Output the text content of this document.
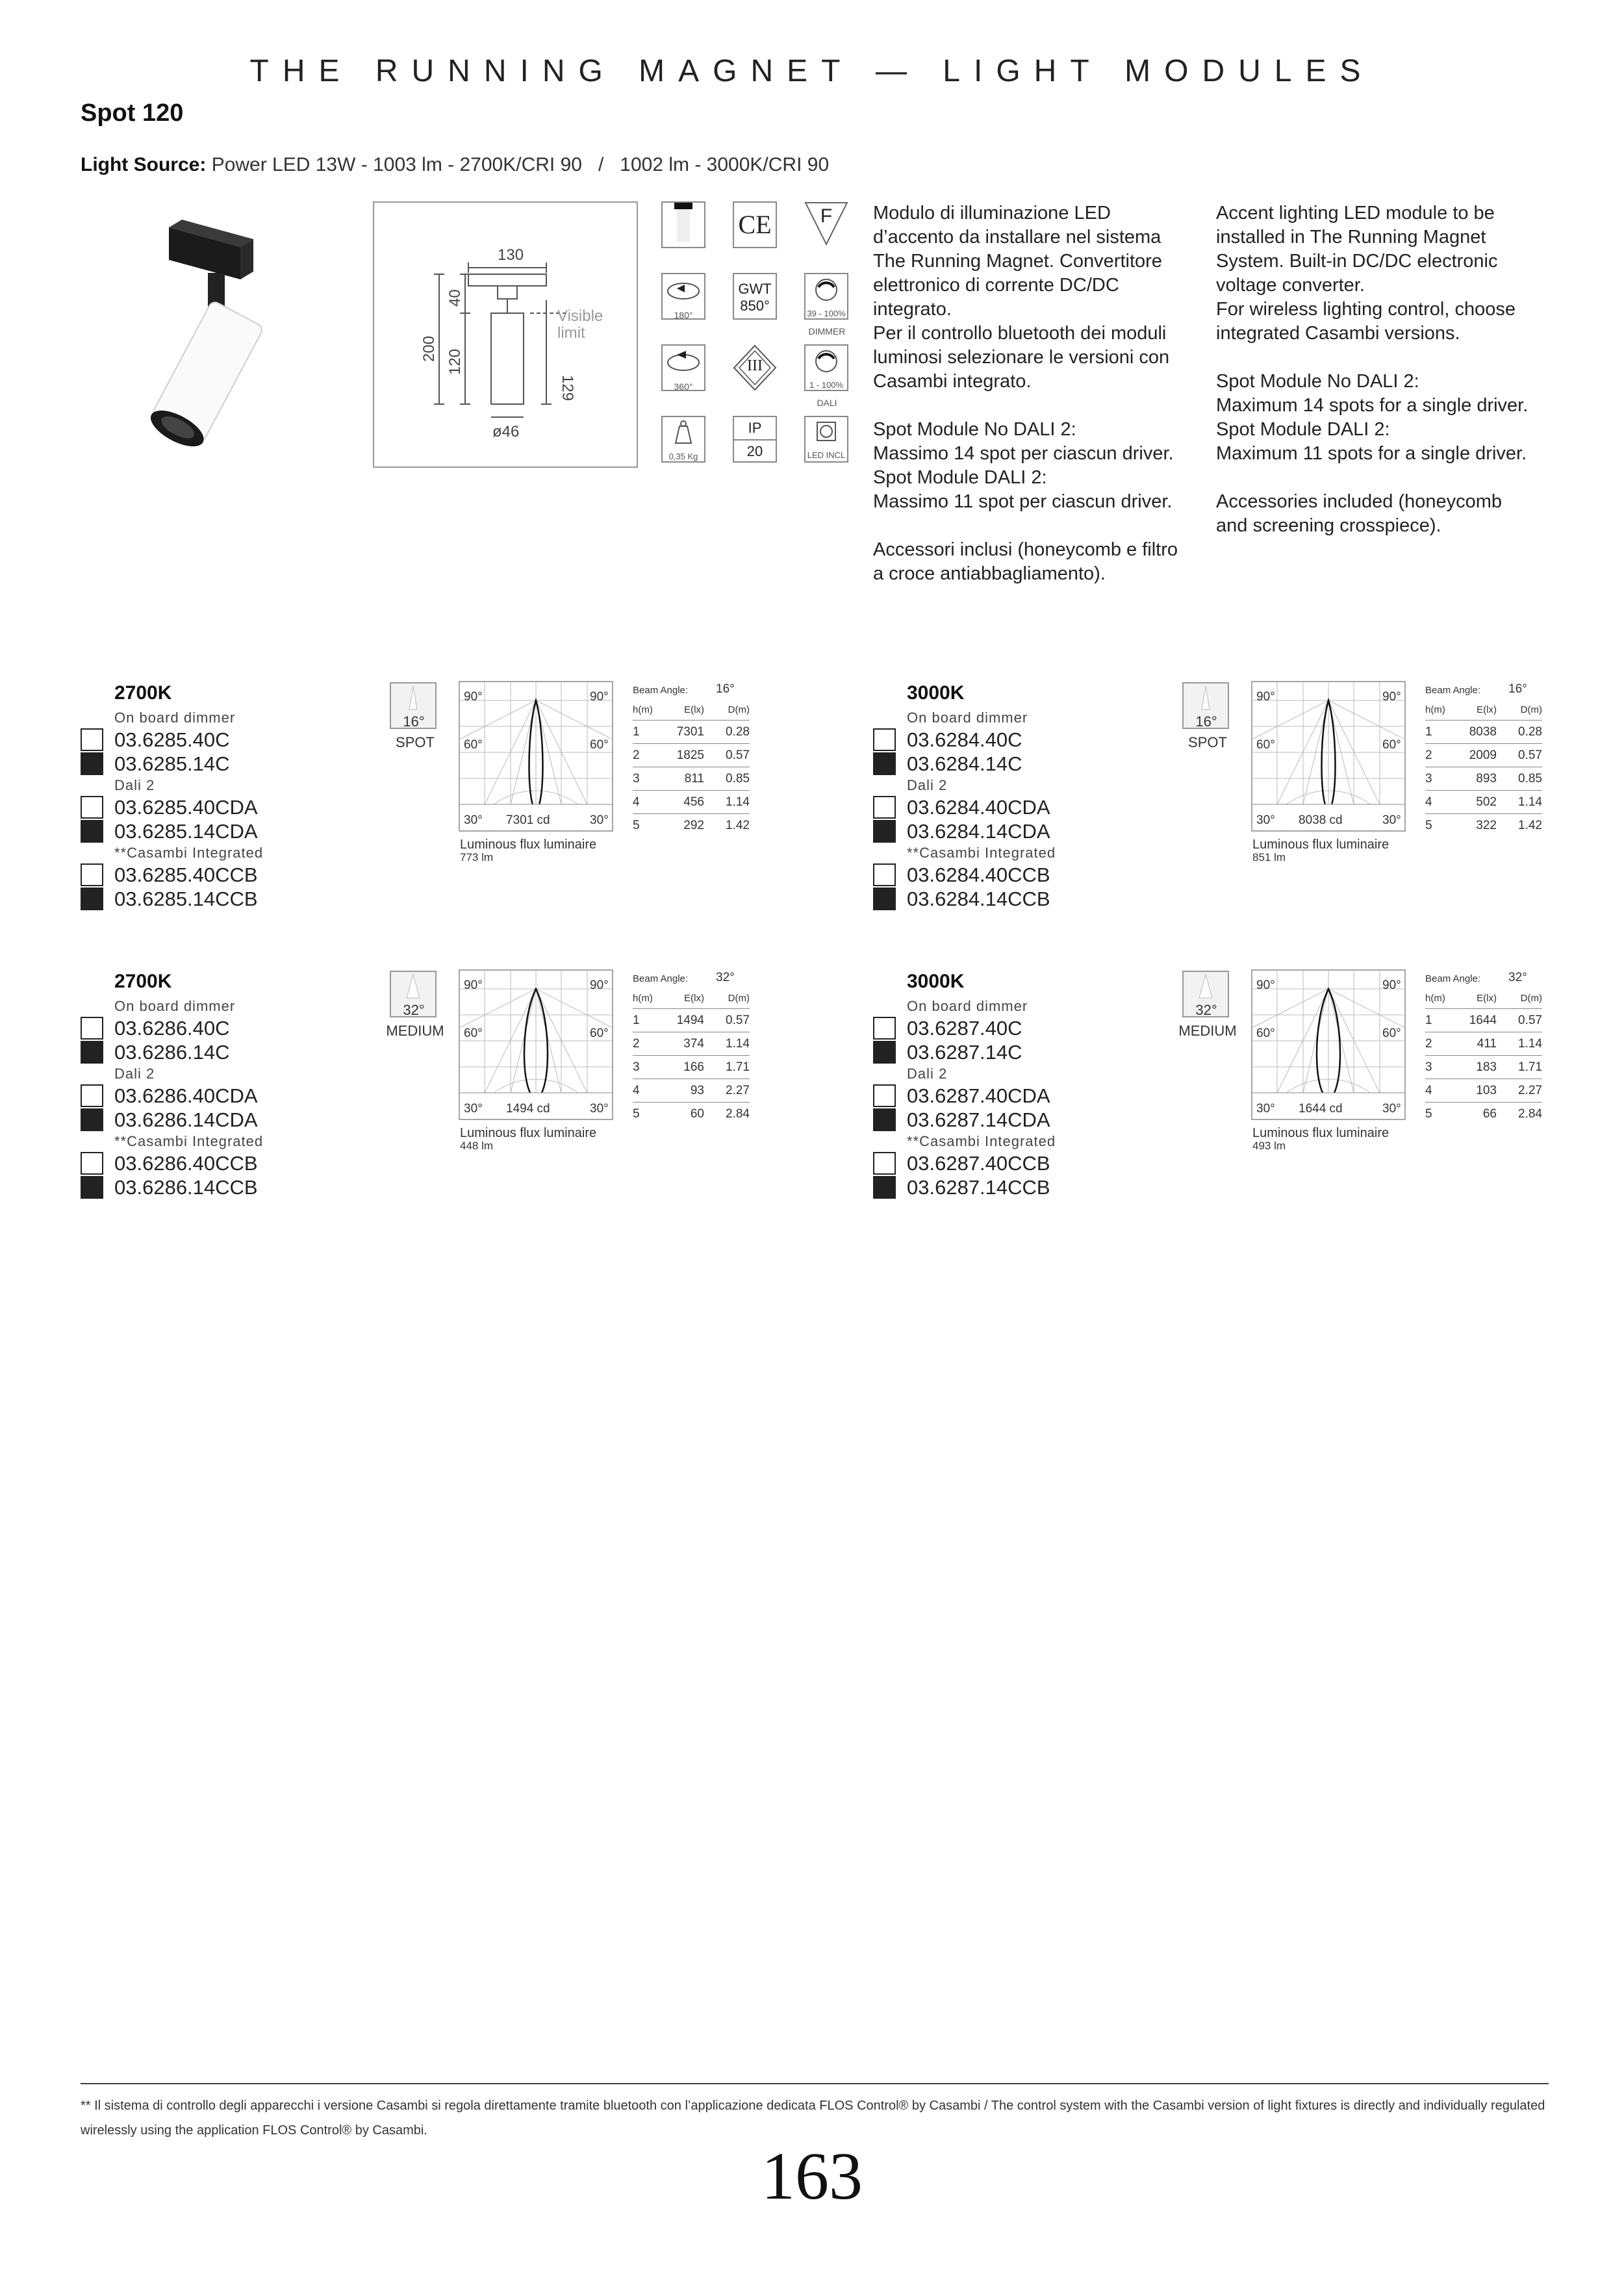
THE RUNNING MAGNET — LIGHT MODULES
Spot 120
Light Source: Power LED 13W - 1003 lm - 2700K/CRI 90   /   1002 lm - 3000K/CRI 90
130
200
40
120
129
Visible
limit
ø46
CE	F
180°
GWT
850°	39 - 100%
DIMMER
360°
III
1 - 100%
DALI
0,35 Kg
IP
20	LED INCL
Modulo di illuminazione LED
d’accento da installare nel sistema
The Running Magnet. Convertitore
elettronico di corrente DC/DC
integrato.
Per il controllo bluetooth dei moduli
luminosi selezionare le versioni con
Casambi integrato.

Spot Module No DALI 2:
Massimo 14 spot per ciascun driver.
Spot Module DALI 2:
Massimo 11 spot per ciascun driver.

Accessori inclusi (honeycomb e filtro
a croce antiabbagliamento).
Accent lighting LED module to be
installed in The Running Magnet
System. Built-in DC/DC electronic
voltage converter.
For wireless lighting control, choose
integrated Casambi versions.

Spot Module No DALI 2:
Maximum 14 spots for a single driver.
Spot Module DALI 2:
Maximum 11 spots for a single driver.

Accessories included (honeycomb
and screening crosspiece).
2700K
On board dimmer
03.6285.40C
03.6285.14C
Dali 2
03.6285.40CDA
03.6285.14CDA
**Casambi Integrated
03.6285.40CCB
03.6285.14CCB
16°
SPOT
90°	90°
60°	60°
30°	30°
7301 cd
Luminous flux luminaire
773 lm
Beam Angle: 16°
h(m)	E(lx)	D(m)
1	7301	0.28
2	1825	0.57
3	811	0.85
4	456	1.14
5	292	1.42
3000K
On board dimmer
03.6284.40C
03.6284.14C
Dali 2
03.6284.40CDA
03.6284.14CDA
**Casambi Integrated
03.6284.40CCB
03.6284.14CCB
16°
SPOT
90°	90°
60°	60°
30°	30°
8038 cd
Luminous flux luminaire
851 lm
Beam Angle: 16°
h(m)	E(lx)	D(m)
1	8038	0.28
2	2009	0.57
3	893	0.85
4	502	1.14
5	322	1.42
2700K
On board dimmer
03.6286.40C
03.6286.14C
Dali 2
03.6286.40CDA
03.6286.14CDA
**Casambi Integrated
03.6286.40CCB
03.6286.14CCB
32°
MEDIUM
90°	90°
60°	60°
30°	30°
1494 cd
Luminous flux luminaire
448 lm
Beam Angle: 32°
h(m)	E(lx)	D(m)
1	1494	0.57
2	374	1.14
3	166	1.71
4	93	2.27
5	60	2.84
3000K
On board dimmer
03.6287.40C
03.6287.14C
Dali 2
03.6287.40CDA
03.6287.14CDA
**Casambi Integrated
03.6287.40CCB
03.6287.14CCB
32°
MEDIUM
90°	90°
60°	60°
30°	30°
1644 cd
Luminous flux luminaire
493 lm
Beam Angle: 32°
h(m)	E(lx)	D(m)
1	1644	0.57
2	411	1.14
3	183	1.71
4	103	2.27
5	66	2.84
** Il sistema di controllo degli apparecchi i versione Casambi si regola direttamente tramite bluetooth con l’applicazione dedicata FLOS Control® by Casambi / The control system with the Casambi version of light fixtures is directly and individually regulated wirelessly using the application FLOS Control® by Casambi.
163
